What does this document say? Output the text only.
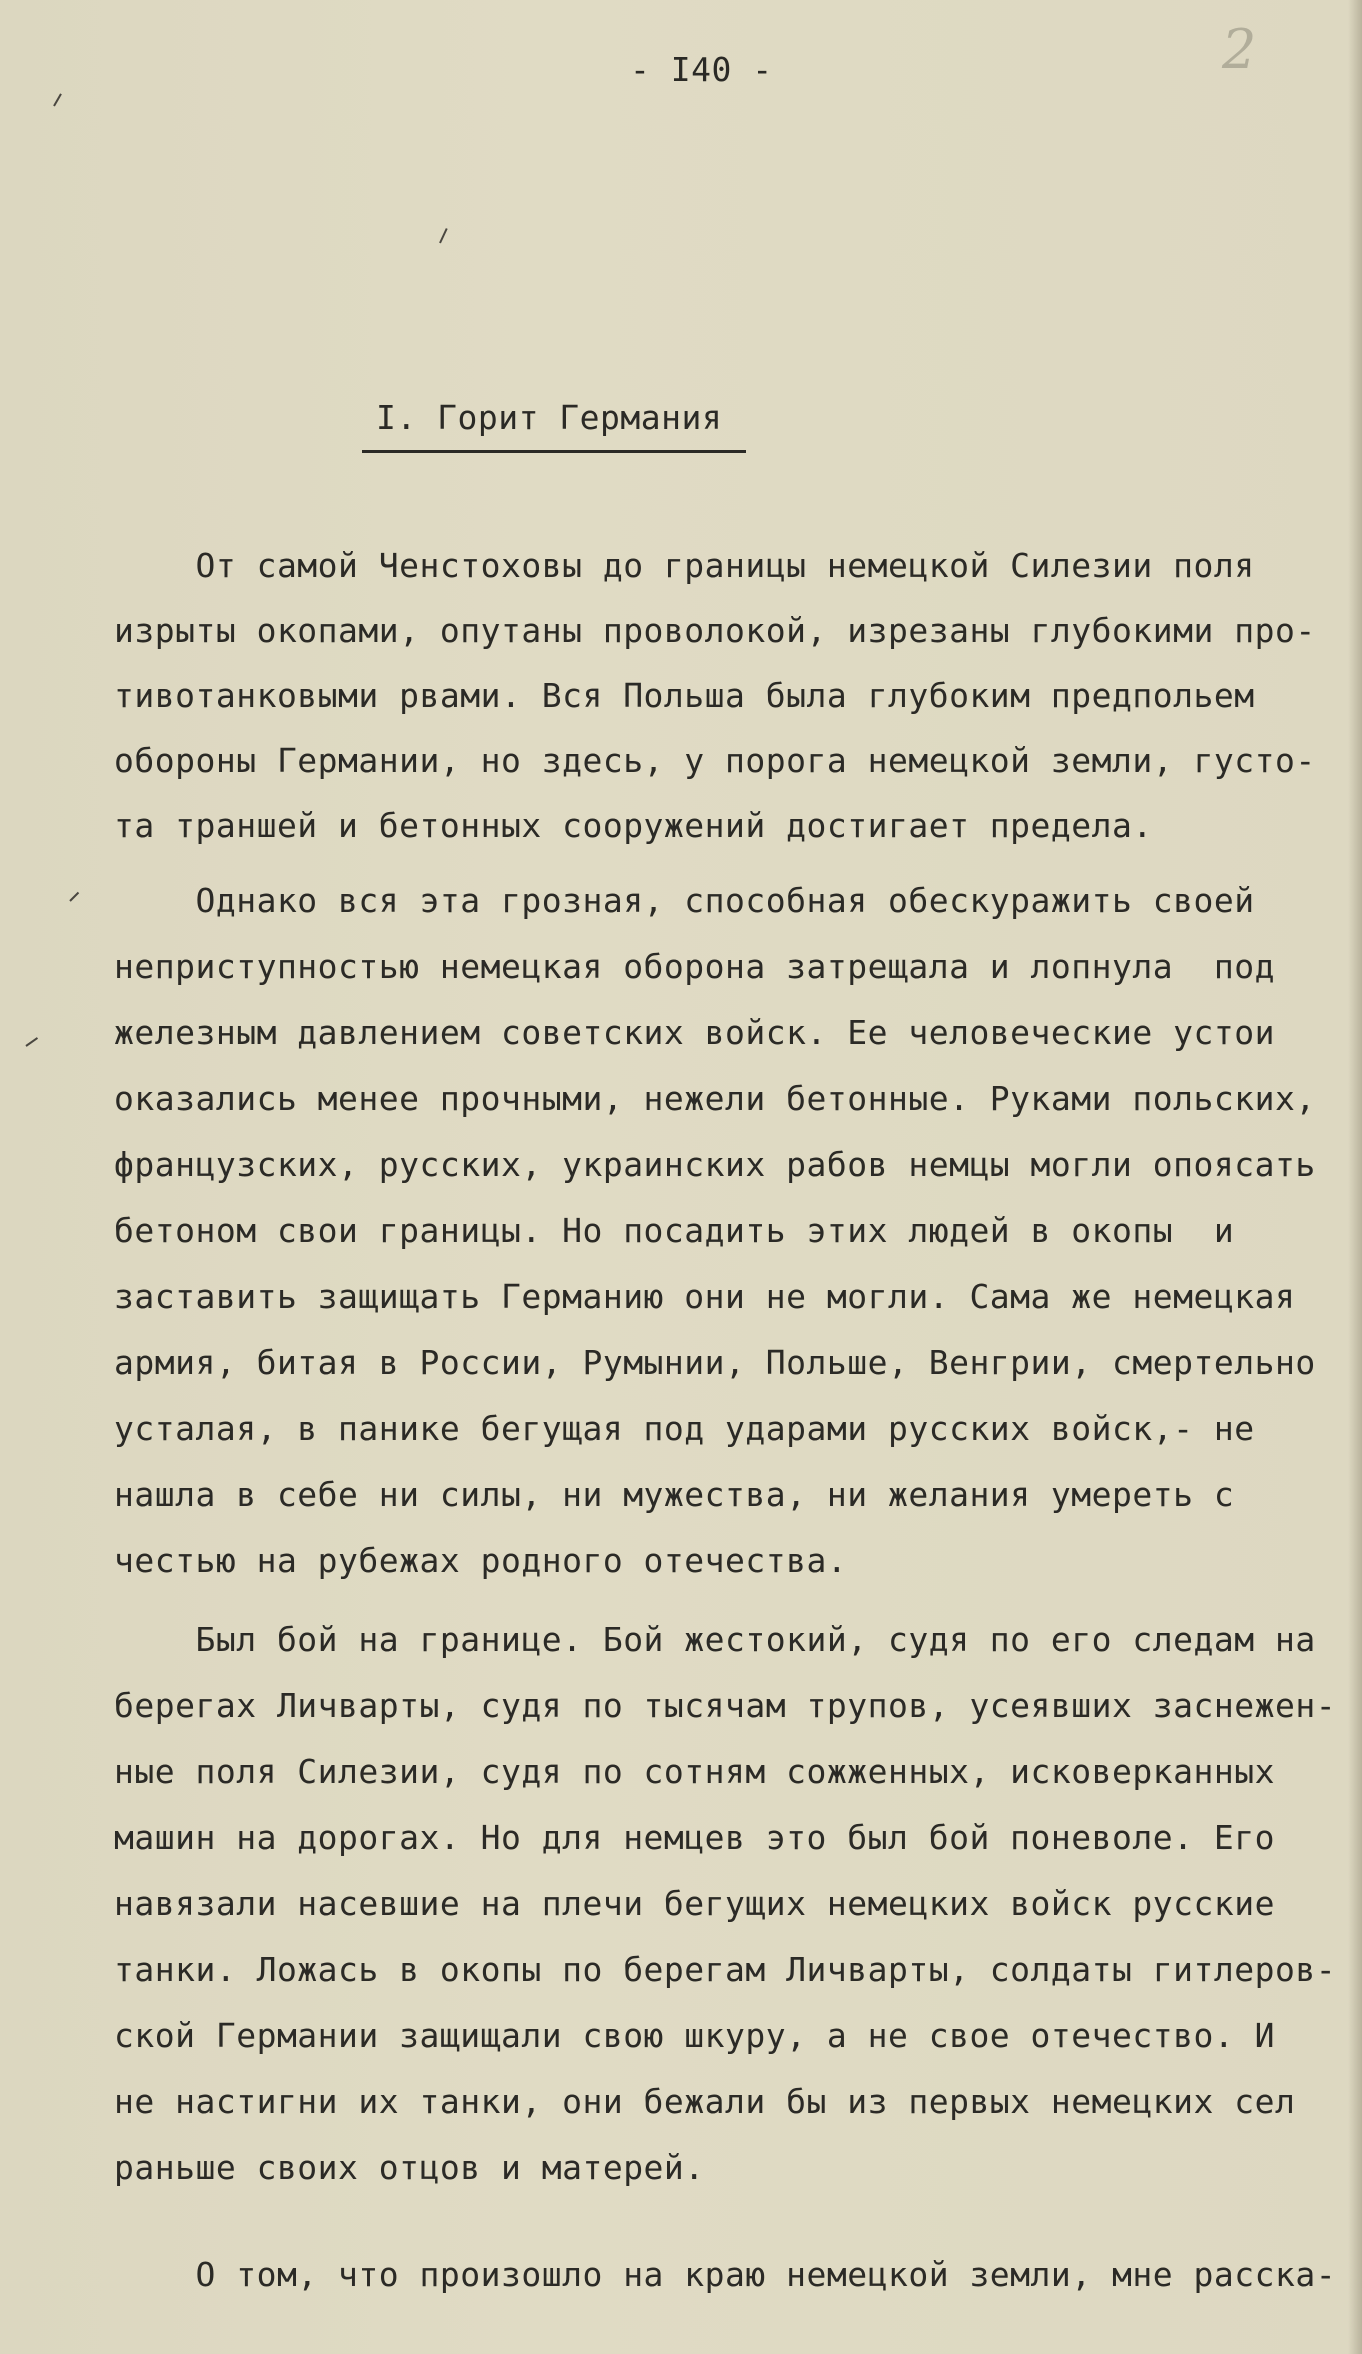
2
- I40 -
I. Горит Германия
От самой Ченстоховы до границы немецкой Силезии поля
изрыты окопами, опутаны проволокой, изрезаны глубокими про-
тивотанковыми рвами. Вся Польша была глубоким предпольем
обороны Германии, но здесь, у порога немецкой земли, густо-
та траншей и бетонных сооружений достигает предела.
Однако вся эта грозная, способная обескуражить своей
неприступностью немецкая оборона затрещала и лопнула  под
железным давлением советских войск. Ее человеческие устои
оказались менее прочными, нежели бетонные. Руками польских,
французских, русских, украинских рабов немцы могли опоясать
бетоном свои границы. Но посадить этих людей в окопы  и
заставить защищать Германию они не могли. Сама же немецкая
армия, битая в России, Румынии, Польше, Венгрии, смертельно
усталая, в панике бегущая под ударами русских войск,- не
нашла в себе ни силы, ни мужества, ни желания умереть с
честью на рубежах родного отечества.
Был бой на границе. Бой жестокий, судя по его следам на
берегах Личварты, судя по тысячам трупов, усеявших заснежен-
ные поля Силезии, судя по сотням сожженных, исковерканных
машин на дорогах. Но для немцев это был бой поневоле. Его
навязали насевшие на плечи бегущих немецких войск русские
танки. Ложась в окопы по берегам Личварты, солдаты гитлеров-
ской Германии защищали свою шкуру, а не свое отечество. И
не настигни их танки, они бежали бы из первых немецких сел
раньше своих отцов и матерей.
О том, что произошло на краю немецкой земли, мне расска-
